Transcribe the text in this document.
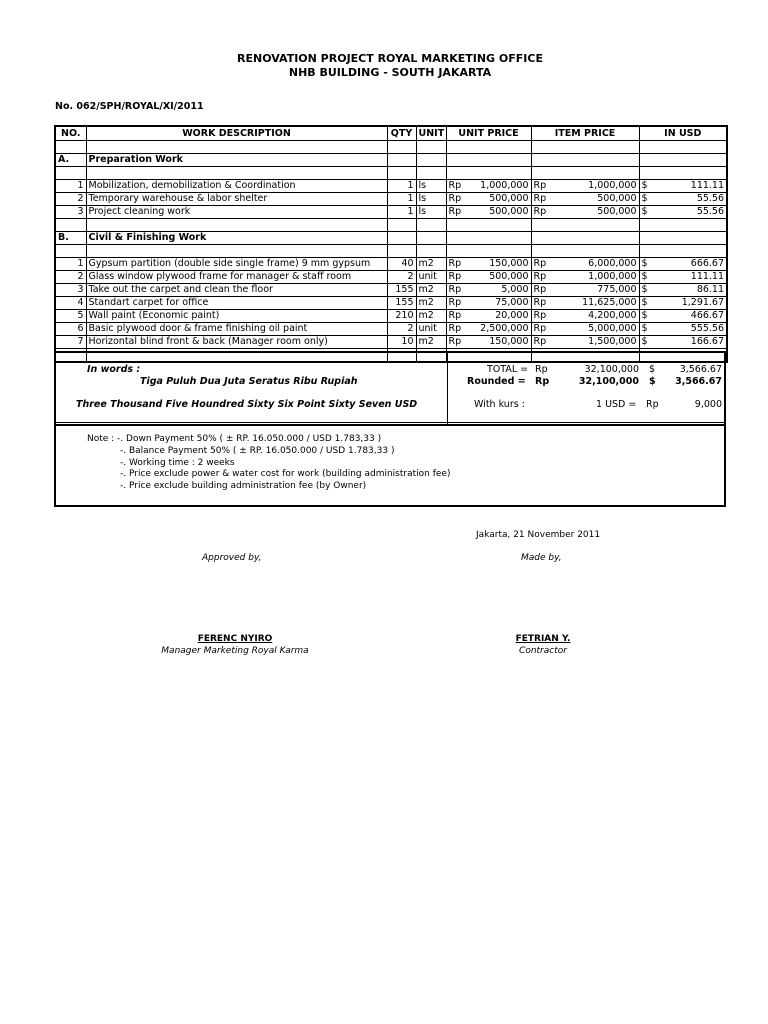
RENOVATION PROJECT ROYAL MARKETING OFFICE
NHB BUILDING - SOUTH JAKARTA
No. 062/SPH/ROYAL/XI/2011
NO.	WORK DESCRIPTION	QTY	UNIT	UNIT PRICE		ITEM PRICE		IN USD	

A.	Preparation Work								

1	Mobilization, demobilization & Coordination	1	ls	Rp	1,000,000	Rp	1,000,000	$	111.11
2	Temporary warehouse & labor shelter	1	ls	Rp	500,000	Rp	500,000	$	55.56
3	Project cleaning work	1	ls	Rp	500,000	Rp	500,000	$	55.56

B.	Civil & Finishing Work								

1	Gypsum partition (double side single frame) 9 mm gypsum	40	m2	Rp	150,000	Rp	6,000,000	$	666.67
2	Glass window plywood frame for manager & staff room	2	unit	Rp	500,000	Rp	1,000,000	$	111.11
3	Take out the carpet and clean the floor	155	m2	Rp	5,000	Rp	775,000	$	86.11
4	Standart carpet for office	155	m2	Rp	75,000	Rp	11,625,000	$	1,291.67
5	Wall paint (Economic paint)	210	m2	Rp	20,000	Rp	4,200,000	$	466.67
6	Basic plywood door & frame finishing oil paint	2	unit	Rp	2,500,000	Rp	5,000,000	$	555.56
7	Horizontal blind front & back (Manager room only)	10	m2	Rp	150,000	Rp	1,500,000	$	166.67

In words :
Tiga Puluh Dua Juta Seratus Ribu Rupiah
Three Thousand Five Houndred Sixty Six Point Sixty Seven USD
TOTAL = Rp	32,100,000 $	3,566.67
Rounded = Rp	32,100,000 $	3,566.67
With kurs :	1 USD = Rp	9,000
Note : -. Down Payment 50% ( ± RP. 16.050.000 / USD 1.783,33 )
-. Balance Payment 50% ( ± RP. 16.050.000 / USD 1.783,33 )
-. Working time : 2 weeks
-. Price exclude power & water cost for work (building administration fee)
-. Price exclude building administration fee (by Owner)
Jakarta, 21 November 2011
Approved by,	Made by,
FERENC NYIRO
Manager Marketing Royal Karma
FETRIAN Y.
Contractor
